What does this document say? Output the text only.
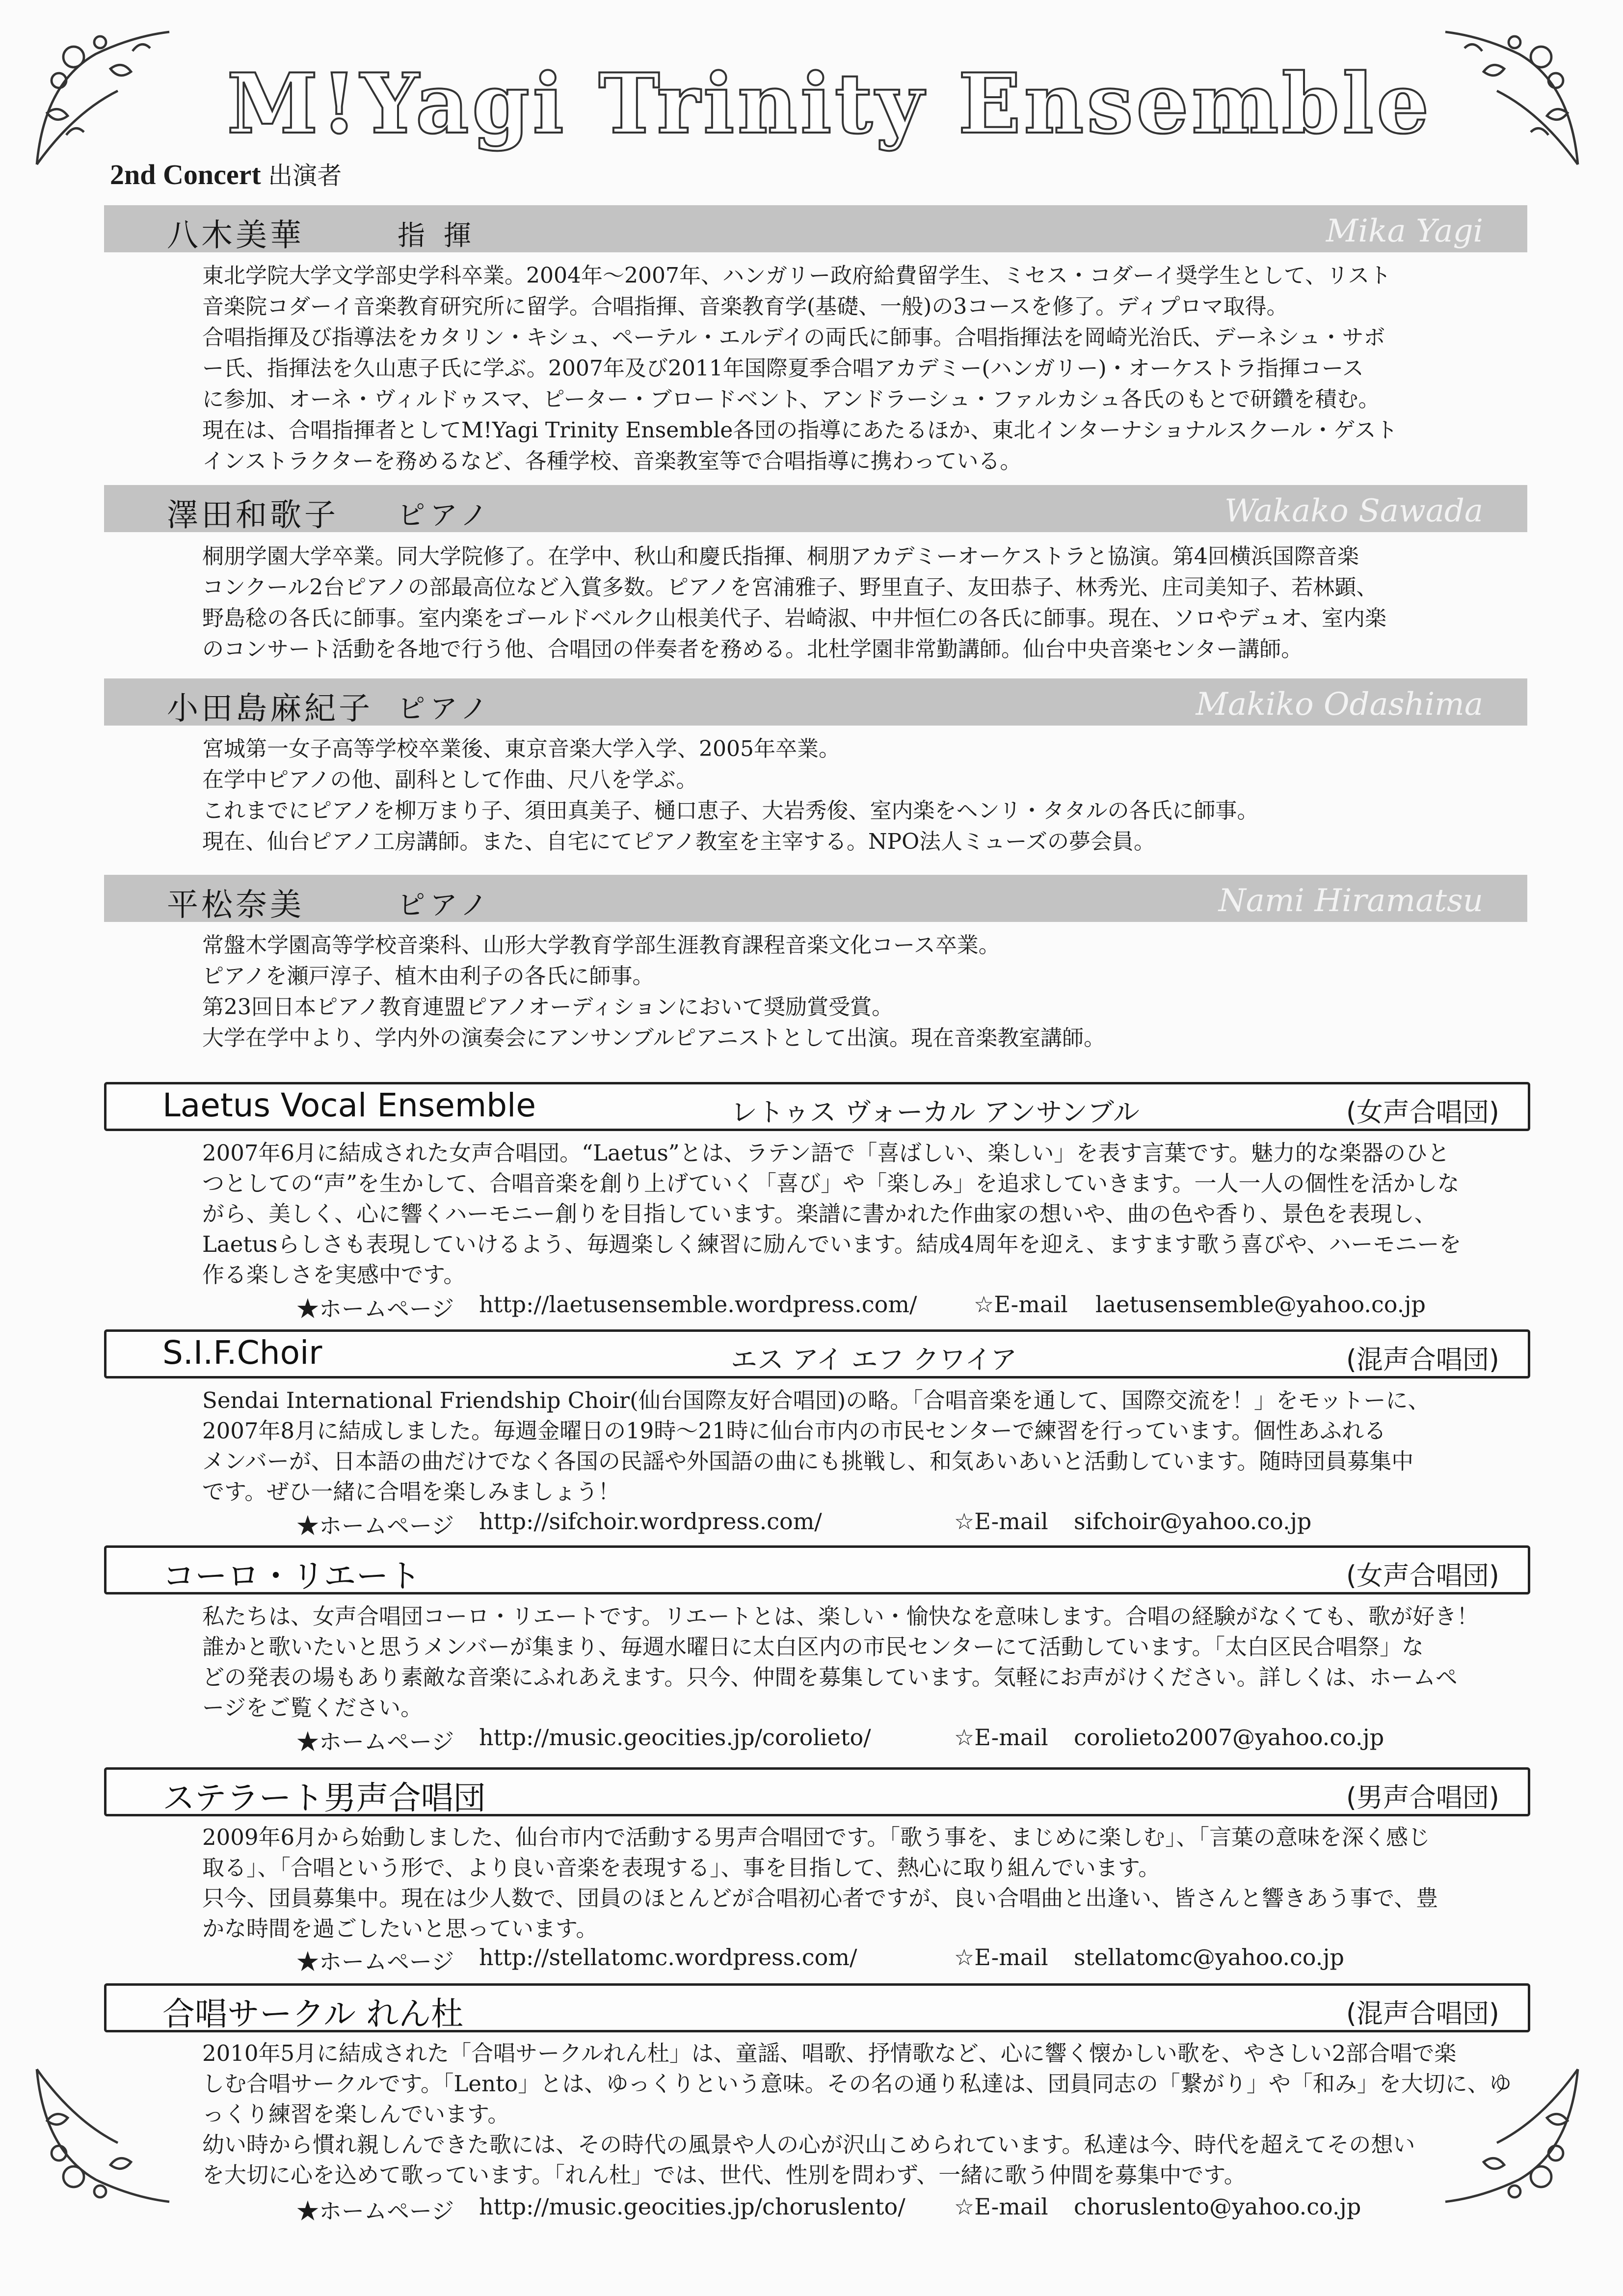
M!Yagi Trinity Ensemble
2nd Concert 出演者
八木美華	指 揮	Mika Yagi

東北学院大学文学部史学科卒業。2004年～2007年、ハンガリー政府給費留学生、ミセス・コダーイ奨学生として、リスト

音楽院コダーイ音楽教育研究所に留学。合唱指揮、音楽教育学(基礎、一般)の3コースを修了。ディプロマ取得。

合唱指揮及び指導法をカタリン・キシュ、ペーテル・エルデイの両氏に師事。合唱指揮法を岡崎光治氏、デーネシュ・サボ

ー氏、指揮法を久山恵子氏に学ぶ。2007年及び2011年国際夏季合唱アカデミー(ハンガリー)・オーケストラ指揮コース

に参加、オーネ・ヴィルドゥスマ、ピーター・ブロードベント、アンドラーシュ・ファルカシュ各氏のもとで研鑽を積む。

現在は、合唱指揮者としてM!Yagi Trinity Ensemble各団の指導にあたるほか、東北インターナショナルスクール・ゲスト

インストラクターを務めるなど、各種学校、音楽教室等で合唱指導に携わっている。

澤田和歌子 ピアノ	Wakako Sawada

桐朋学園大学卒業。同大学院修了。在学中、秋山和慶氏指揮、桐朋アカデミーオーケストラと協演。第4回横浜国際音楽

コンクール2台ピアノの部最高位など入賞多数。ピアノを宮浦雅子、野里直子、友田恭子、林秀光、庄司美知子、若林顕、

野島稔の各氏に師事。室内楽をゴールドベルク山根美代子、岩崎淑、中井恒仁の各氏に師事。現在、ソロやデュオ、室内楽

のコンサート活動を各地で行う他、合唱団の伴奏者を務める。北杜学園非常勤講師。仙台中央音楽センター講師。

小田島麻紀子 ピアノ	Makiko Odashima

宮城第一女子高等学校卒業後、東京音楽大学入学、2005年卒業。

在学中ピアノの他、副科として作曲、尺八を学ぶ。

これまでにピアノを柳万まり子、須田真美子、樋口恵子、大岩秀俊、室内楽をヘンリ・タタルの各氏に師事。

現在、仙台ピアノ工房講師。また、自宅にてピアノ教室を主宰する。NPO法人ミューズの夢会員。

平松奈美	ピアノ	Nami Hiramatsu

常盤木学園高等学校音楽科、山形大学教育学部生涯教育課程音楽文化コース卒業。

ピアノを瀬戸淳子、植木由利子の各氏に師事。

第23回日本ピアノ教育連盟ピアノオーディションにおいて奨励賞受賞。

大学在学中より、学内外の演奏会にアンサンブルピアニストとして出演。現在音楽教室講師。

Laetus Vocal Ensemble	レトゥス ヴォーカル アンサンブル	(女声合唱団)

2007年6月に結成された女声合唱団。“Laetus”とは、ラテン語で「喜ばしい、楽しい」を表す言葉です。魅力的な楽器のひと

つとしての“声”を生かして、合唱音楽を創り上げていく「喜び」や「楽しみ」を追求していきます。一人一人の個性を活かしな

がら、美しく、心に響くハーモニー創りを目指しています。楽譜に書かれた作曲家の想いや、曲の色や香り、景色を表現し、

Laetusらしさも表現していけるよう、毎週楽しく練習に励んでいます。結成4周年を迎え、ますます歌う喜びや、ハーモニーを

作る楽しさを実感中です。

★ホームページ http://laetusensemble.wordpress.com/	☆E-mail laetusensemble@yahoo.co.jp
S.I.F.Choir	エス アイ エフ クワイア	(混声合唱団)

Sendai International Friendship Choir(仙台国際友好合唱団)の略。「合唱音楽を通して、国際交流を！」をモットーに、

2007年8月に結成しました。毎週金曜日の19時～21時に仙台市内の市民センターで練習を行っています。個性あふれる

メンバーが、日本語の曲だけでなく各国の民謡や外国語の曲にも挑戦し、和気あいあいと活動しています。随時団員募集中

です。ぜひ一緒に合唱を楽しみましょう！

★ホームページ http://sifchoir.wordpress.com/	☆E-mail sifchoir@yahoo.co.jp
コーロ・リエート	(女声合唱団)

私たちは、女声合唱団コーロ・リエートです。リエートとは、楽しい・愉快なを意味します。合唱の経験がなくても、歌が好き！

誰かと歌いたいと思うメンバーが集まり、毎週水曜日に太白区内の市民センターにて活動しています。「太白区民合唱祭」な

どの発表の場もあり素敵な音楽にふれあえます。只今、仲間を募集しています。気軽にお声がけください。詳しくは、ホームペ

ージをご覧ください。

★ホームページ http://music.geocities.jp/corolieto/	☆E-mail corolieto2007@yahoo.co.jp
ステラート男声合唱団	(男声合唱団)

2009年6月から始動しました、仙台市内で活動する男声合唱団です。「歌う事を、まじめに楽しむ」、「言葉の意味を深く感じ

取る」、「合唱という形で、より良い音楽を表現する」、事を目指して、熱心に取り組んでいます。

只今、団員募集中。現在は少人数で、団員のほとんどが合唱初心者ですが、良い合唱曲と出逢い、皆さんと響きあう事で、豊

かな時間を過ごしたいと思っています。

★ホームページ http://stellatomc.wordpress.com/	☆E-mail stellatomc@yahoo.co.jp
合唱サークル れん杜	(混声合唱団)

2010年5月に結成された「合唱サークルれん杜」は、童謡、唱歌、抒情歌など、心に響く懐かしい歌を、やさしい2部合唱で楽

しむ合唱サークルです。「Lento」とは、ゆっくりという意味。その名の通り私達は、団員同志の「繋がり」や「和み」を大切に、ゆ

っくり練習を楽しんでいます。

幼い時から慣れ親しんできた歌には、その時代の風景や人の心が沢山こめられています。私達は今、時代を超えてその想い

を大切に心を込めて歌っています。「れん杜」では、世代、性別を問わず、一緒に歌う仲間を募集中です。

★ホームページ http://music.geocities.jp/choruslento/ ☆E-mail choruslento@yahoo.co.jp
